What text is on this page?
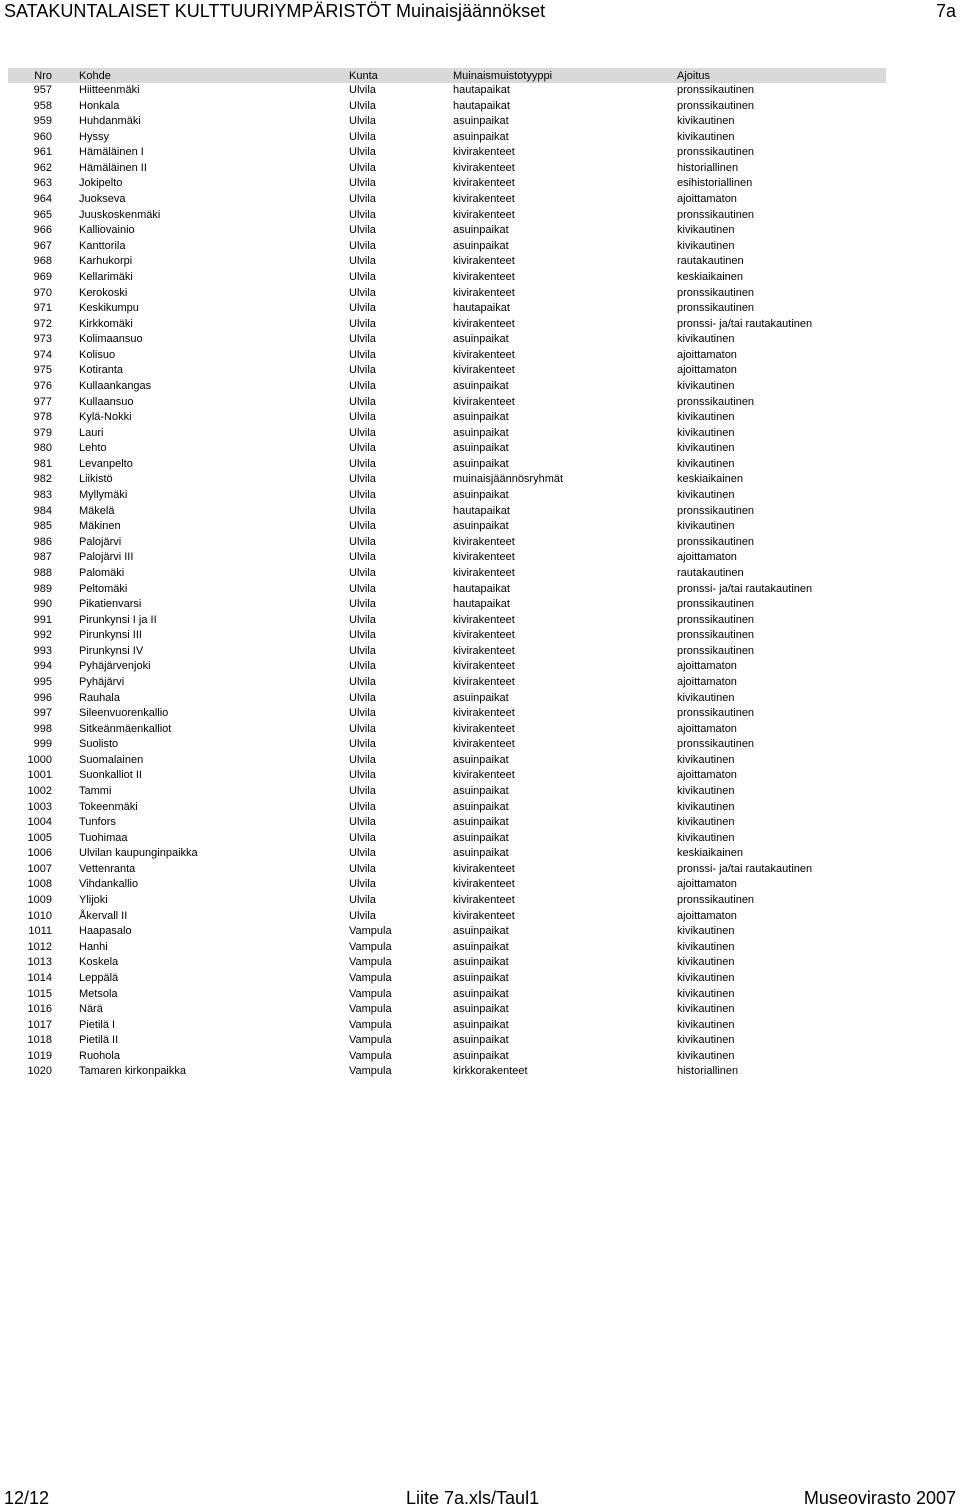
SATAKUNTALAISET KULTTUURIYMPÄRISTÖT Muinaisjäännökset	7a
Nro	Kohde	Kunta	Muinaismuistotyyppi	Ajoitus
957	Hiitteenmäki	Ulvila	hautapaikat	pronssikautinen
958	Honkala	Ulvila	hautapaikat	pronssikautinen
959	Huhdanmäki	Ulvila	asuinpaikat	kivikautinen
960	Hyssy	Ulvila	asuinpaikat	kivikautinen
961	Hämäläinen I	Ulvila	kivirakenteet	pronssikautinen
962	Hämäläinen II	Ulvila	kivirakenteet	historiallinen
963	Jokipelto	Ulvila	kivirakenteet	esihistoriallinen
964	Juokseva	Ulvila	kivirakenteet	ajoittamaton
965	Juuskoskenmäki	Ulvila	kivirakenteet	pronssikautinen
966	Kalliovainio	Ulvila	asuinpaikat	kivikautinen
967	Kanttorila	Ulvila	asuinpaikat	kivikautinen
968	Karhukorpi	Ulvila	kivirakenteet	rautakautinen
969	Kellarimäki	Ulvila	kivirakenteet	keskiaikainen
970	Kerokoski	Ulvila	kivirakenteet	pronssikautinen
971	Keskikumpu	Ulvila	hautapaikat	pronssikautinen
972	Kirkkomäki	Ulvila	kivirakenteet	pronssi- ja/tai rautakautinen
973	Kolimaansuo	Ulvila	asuinpaikat	kivikautinen
974	Kolisuo	Ulvila	kivirakenteet	ajoittamaton
975	Kotiranta	Ulvila	kivirakenteet	ajoittamaton
976	Kullaankangas	Ulvila	asuinpaikat	kivikautinen
977	Kullaansuo	Ulvila	kivirakenteet	pronssikautinen
978	Kylä-Nokki	Ulvila	asuinpaikat	kivikautinen
979	Lauri	Ulvila	asuinpaikat	kivikautinen
980	Lehto	Ulvila	asuinpaikat	kivikautinen
981	Levanpelto	Ulvila	asuinpaikat	kivikautinen
982	Liikistö	Ulvila	muinaisjäännösryhmät	keskiaikainen
983	Myllymäki	Ulvila	asuinpaikat	kivikautinen
984	Mäkelä	Ulvila	hautapaikat	pronssikautinen
985	Mäkinen	Ulvila	asuinpaikat	kivikautinen
986	Palojärvi	Ulvila	kivirakenteet	pronssikautinen
987	Palojärvi III	Ulvila	kivirakenteet	ajoittamaton
988	Palomäki	Ulvila	kivirakenteet	rautakautinen
989	Peltomäki	Ulvila	hautapaikat	pronssi- ja/tai rautakautinen
990	Pikatienvarsi	Ulvila	hautapaikat	pronssikautinen
991	Pirunkynsi I ja II	Ulvila	kivirakenteet	pronssikautinen
992	Pirunkynsi III	Ulvila	kivirakenteet	pronssikautinen
993	Pirunkynsi IV	Ulvila	kivirakenteet	pronssikautinen
994	Pyhäjärvenjoki	Ulvila	kivirakenteet	ajoittamaton
995	Pyhäjärvi	Ulvila	kivirakenteet	ajoittamaton
996	Rauhala	Ulvila	asuinpaikat	kivikautinen
997	Sileenvuorenkallio	Ulvila	kivirakenteet	pronssikautinen
998	Sitkeänmäenkalliot	Ulvila	kivirakenteet	ajoittamaton
999	Suolisto	Ulvila	kivirakenteet	pronssikautinen
1000	Suomalainen	Ulvila	asuinpaikat	kivikautinen
1001	Suonkalliot II	Ulvila	kivirakenteet	ajoittamaton
1002	Tammi	Ulvila	asuinpaikat	kivikautinen
1003	Tokeenmäki	Ulvila	asuinpaikat	kivikautinen
1004	Tunfors	Ulvila	asuinpaikat	kivikautinen
1005	Tuohimaa	Ulvila	asuinpaikat	kivikautinen
1006	Ulvilan kaupunginpaikka	Ulvila	asuinpaikat	keskiaikainen
1007	Vettenranta	Ulvila	kivirakenteet	pronssi- ja/tai rautakautinen
1008	Vihdankallio	Ulvila	kivirakenteet	ajoittamaton
1009	Ylijoki	Ulvila	kivirakenteet	pronssikautinen
1010	Åkervall II	Ulvila	kivirakenteet	ajoittamaton
1011	Haapasalo	Vampula	asuinpaikat	kivikautinen
1012	Hanhi	Vampula	asuinpaikat	kivikautinen
1013	Koskela	Vampula	asuinpaikat	kivikautinen
1014	Leppälä	Vampula	asuinpaikat	kivikautinen
1015	Metsola	Vampula	asuinpaikat	kivikautinen
1016	Närä	Vampula	asuinpaikat	kivikautinen
1017	Pietilä I	Vampula	asuinpaikat	kivikautinen
1018	Pietilä II	Vampula	asuinpaikat	kivikautinen
1019	Ruohola	Vampula	asuinpaikat	kivikautinen
1020	Tamaren kirkonpaikka	Vampula	kirkkorakenteet	historiallinen
12/12	Liite 7a.xls/Taul1	Museovirasto 2007
